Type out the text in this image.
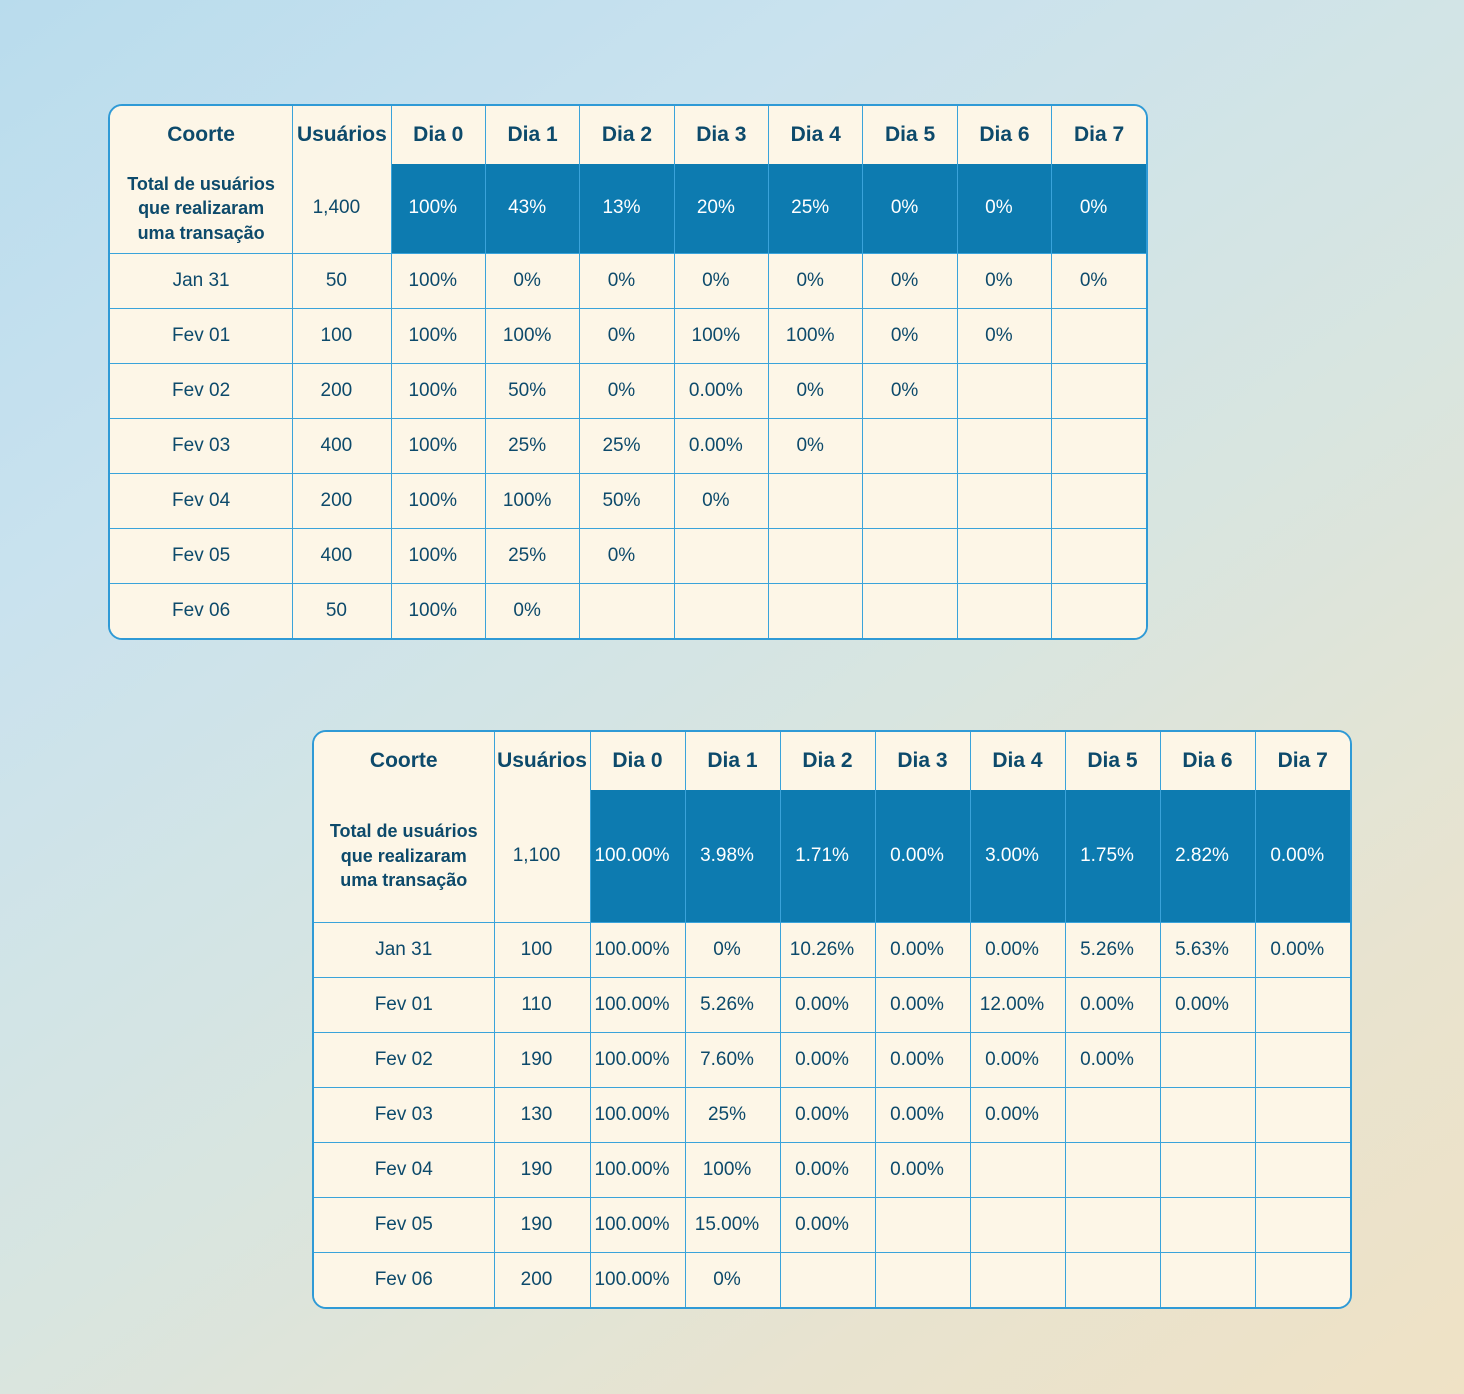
Coorte	Usuários	Dia 0	Dia 1	Dia 2	Dia 3	Dia 4	Dia 5	Dia 6	Dia 7
Total de usuários que realizaram uma transação	1,400	100%	43%	13%	20%	25%	0%	0%	0%
Jan 31	50	100%	0%	0%	0%	0%	0%	0%	0%
Fev 01	100	100%	100%	0%	100%	100%	0%	0%	
Fev 02	200	100%	50%	0%	0.00%	0%	0%		
Fev 03	400	100%	25%	25%	0.00%	0%			
Fev 04	200	100%	100%	50%	0%				
Fev 05	400	100%	25%	0%					
Fev 06	50	100%	0%						
Coorte	Usuários	Dia 0	Dia 1	Dia 2	Dia 3	Dia 4	Dia 5	Dia 6	Dia 7
Total de usuários que realizaram uma transação	1,100	100.00%	3.98%	1.71%	0.00%	3.00%	1.75%	2.82%	0.00%
Jan 31	100	100.00%	0%	10.26%	0.00%	0.00%	5.26%	5.63%	0.00%
Fev 01	110	100.00%	5.26%	0.00%	0.00%	12.00%	0.00%	0.00%	
Fev 02	190	100.00%	7.60%	0.00%	0.00%	0.00%	0.00%		
Fev 03	130	100.00%	25%	0.00%	0.00%	0.00%			
Fev 04	190	100.00%	100%	0.00%	0.00%				
Fev 05	190	100.00%	15.00%	0.00%					
Fev 06	200	100.00%	0%						
